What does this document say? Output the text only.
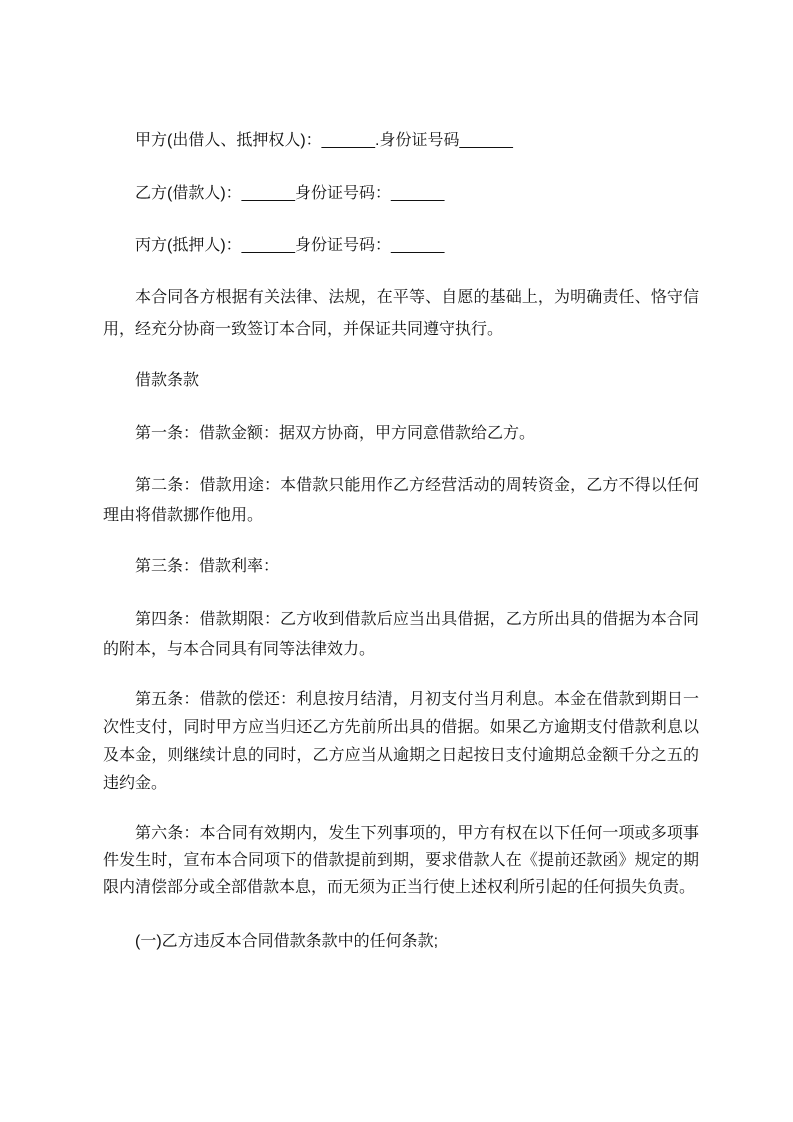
甲方(出借人、抵押权人)：______.身份证号码______
乙方(借款人)：______身份证号码：______
丙方(抵押人)：______身份证号码：______
本合同各方根据有关法律、法规，在平等、自愿的基础上，为明确责任、恪守信
用，经充分协商一致签订本合同，并保证共同遵守执行。
借款条款
第一条：借款金额：据双方协商，甲方同意借款给乙方。
第二条：借款用途：本借款只能用作乙方经营活动的周转资金，乙方不得以任何
理由将借款挪作他用。
第三条：借款利率：
第四条：借款期限：乙方收到借款后应当出具借据，乙方所出具的借据为本合同
的附本，与本合同具有同等法律效力。
第五条：借款的偿还：利息按月结清，月初支付当月利息。本金在借款到期日一
次性支付，同时甲方应当归还乙方先前所出具的借据。如果乙方逾期支付借款利息以
及本金，则继续计息的同时，乙方应当从逾期之日起按日支付逾期总金额千分之五的
违约金。
第六条：本合同有效期内，发生下列事项的，甲方有权在以下任何一项或多项事
件发生时，宣布本合同项下的借款提前到期，要求借款人在《提前还款函》规定的期
限内清偿部分或全部借款本息，而无须为正当行使上述权利所引起的任何损失负责。
(一)乙方违反本合同借款条款中的任何条款;
